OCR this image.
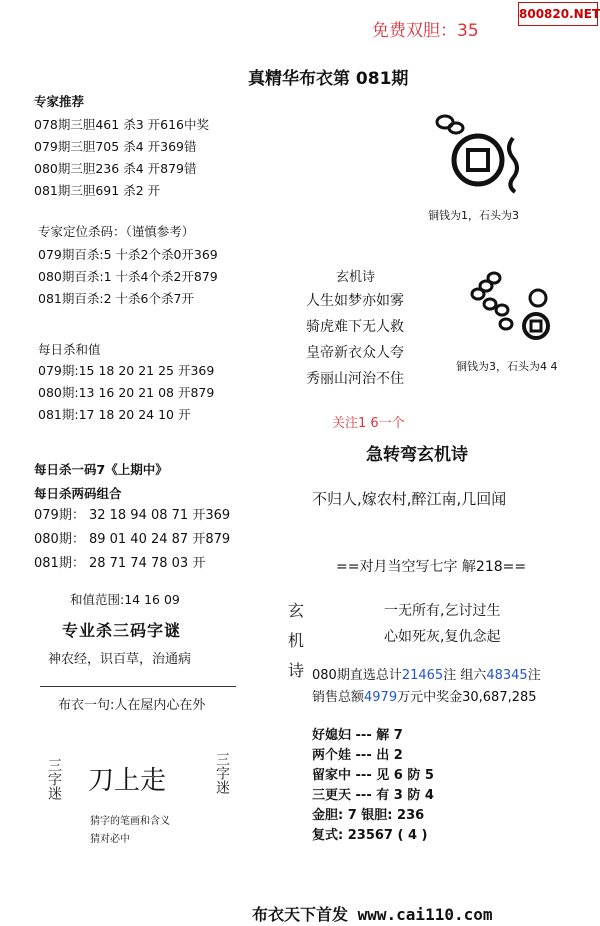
800820.NET
免费双胆：35
真精华布衣第 081期
专家推荐
078期三胆461 杀3 开616中奖
079期三胆705 杀4 开369错
080期三胆236 杀4 开879错
081期三胆691 杀2 开
专家定位杀码：（谨慎参考）
079期百杀:5 十杀2个杀0开369
080期百杀:1 十杀4个杀2开879
081期百杀:2 十杀6个杀7开
每日杀和值
079期:15 18 20 21 25 开369
080期:13 16 20 21 08 开879
081期:17 18 20 24 10 开
每日杀一码7《上期中》
每日杀两码组合
079期： 32 18 94 08 71 开369
080期： 89 01 40 24 87 开879
081期： 28 71 74 78 03 开
和值范围:14 16 09
专业杀三码字谜
神农经，识百草，治通病
布衣一句:人在屋内心在外
三字迷 刀上走	三字迷
猜字的笔画和含义
猜对必中
铜钱为1，石头为3
玄机诗
人生如梦亦如雾
骑虎难下无人救
皇帝新衣众人夸
秀丽山河治不住
铜钱为3，石头为4 4
关注1 6一个
急转弯玄机诗
不归人,嫁农村,醉江南,几回闻
==对月当空写七字 解218==
玄
机
诗
一无所有,乞讨过生
心如死灰,复仇念起
080期直选总计21465注 组六48345注
销售总额4979万元中奖金30,687,285
好媳妇 --- 解 7
两个娃 --- 出 2
留家中 --- 见 6 防 5
三更天 --- 有 3 防 4
金胆: 7 银胆: 236
复式: 23567 ( 4 )
布衣天下首发 www.cai110.com
